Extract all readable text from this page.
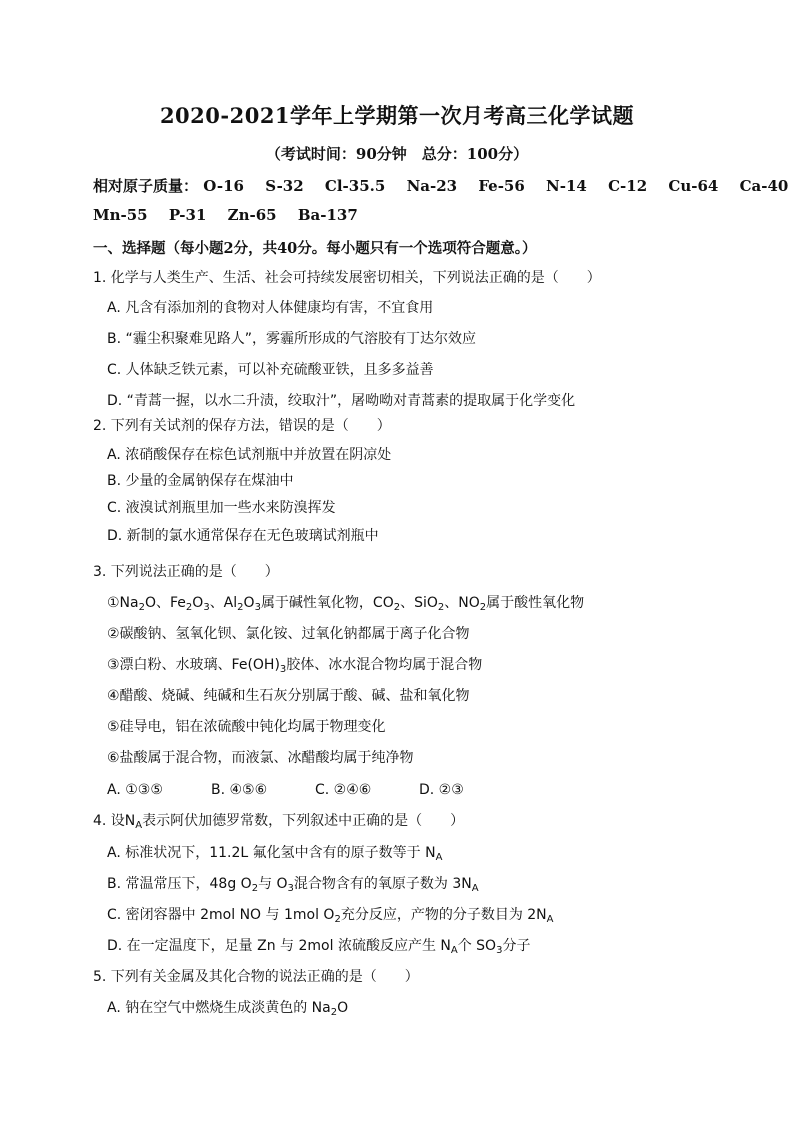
2020-2021学年上学期第一次月考高三化学试题
（考试时间：90分钟　总分：100分）
相对原子质量： O-16 S-32 Cl-35.5 Na-23 Fe-56 N-14 C-12 Cu-64 Ca-40
Mn-55 P-31 Zn-65 Ba-137
一、选择题（每小题2分，共40分。每小题只有一个选项符合题意。）
1. 化学与人类生产、生活、社会可持续发展密切相关，下列说法正确的是（　　）
A. 凡含有添加剂的食物对人体健康均有害，不宜食用
B. “霾尘积聚难见路人”，雾霾所形成的气溶胶有丁达尔效应
C. 人体缺乏铁元素，可以补充硫酸亚铁，且多多益善
D. “青蒿一握，以水二升渍，绞取汁”，屠呦呦对青蒿素的提取属于化学变化
2. 下列有关试剂的保存方法，错误的是（　　）
A. 浓硝酸保存在棕色试剂瓶中并放置在阴凉处
B. 少量的金属钠保存在煤油中
C. 液溴试剂瓶里加一些水来防溴挥发
D. 新制的氯水通常保存在无色玻璃试剂瓶中
3. 下列说法正确的是（　　）
$①Na_2O$、$Fe_2O_3$、$Al_2O_3$属于碱性氧化物，$CO_2$、SiO$_2$、$NO_2$属于酸性氧化物
②碳酸钠、氢氧化钡、氯化铵、过氧化钠都属于离子化合物
③漂白粉、水玻璃、$Fe(OH)_3$胶体、冰水混合物均属于混合物
④醋酸、烧碱、纯碱和生石灰分别属于酸、碱、盐和氧化物
⑤硅导电，铝在浓硫酸中钝化均属于物理变化
⑥盐酸属于混合物，而液氯、冰醋酸均属于纯净物
A. ①③⑤	B. ④⑤⑥	C. ②④⑥	D. ②③
4. 设$N_A$表示阿伏加德罗常数，下列叙述中正确的是（　　）
A. 标准状况下，11.2L 氟化氢中含有的原子数等于 $N_A$
B. 常温常压下，48g $O_2$与 $O_3$混合物含有的氧原子数为 $3N_A$
C. 密闭容器中 2mol NO 与 1mol $O_2$充分反应，产物的分子数目为 $2N_A$
D. 在一定温度下，足量 Zn 与 2mol 浓硫酸反应产生 $N_A$个 $SO_3$分子
5. 下列有关金属及其化合物的说法正确的是（　　）
A. 钠在空气中燃烧生成淡黄色的 $Na_2O$
